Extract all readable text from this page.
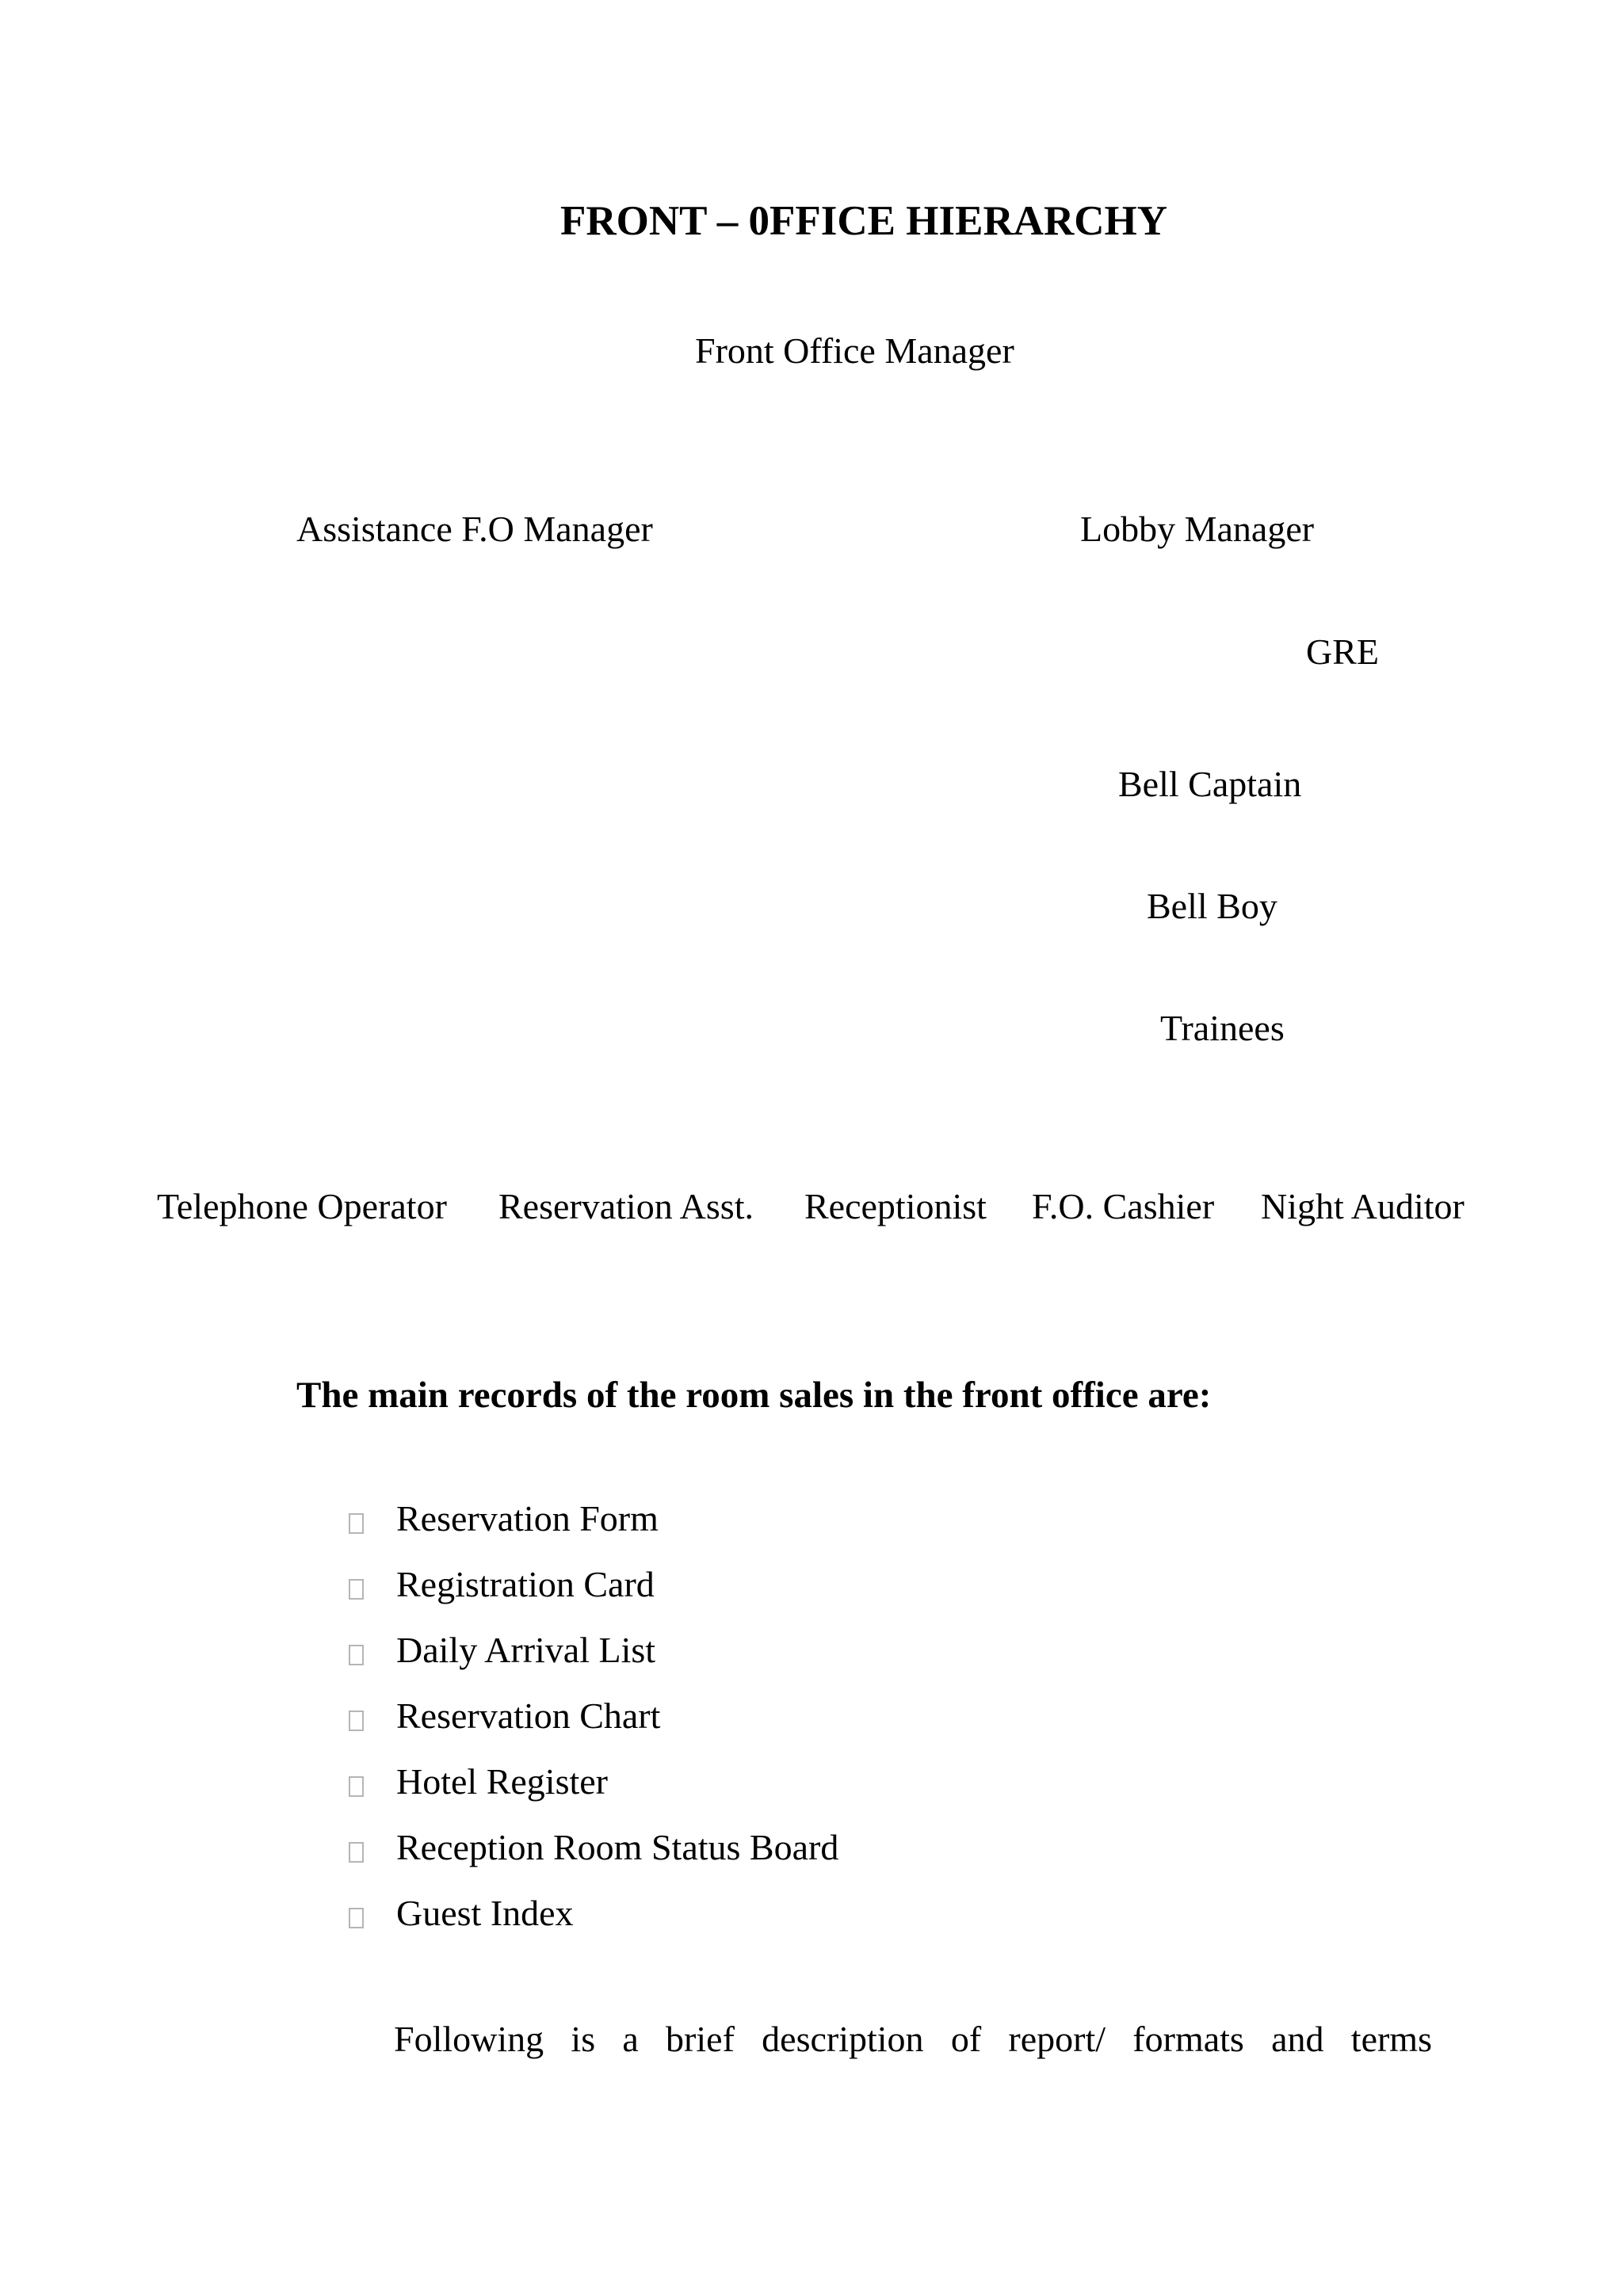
FRONT – 0FFICE HIERARCHY
Front Office Manager
Assistance F.O Manager	Lobby Manager
GRE
Bell Captain
Bell Boy
Trainees
Telephone Operator Reservation Asst. Receptionist F.O. Cashier Night Auditor
The main records of the room sales in the front office are:
Reservation Form
Registration Card
Daily Arrival List
Reservation Chart
Hotel Register
Reception Room Status Board
Guest Index
Following is a brief description of report/ formats and terms
